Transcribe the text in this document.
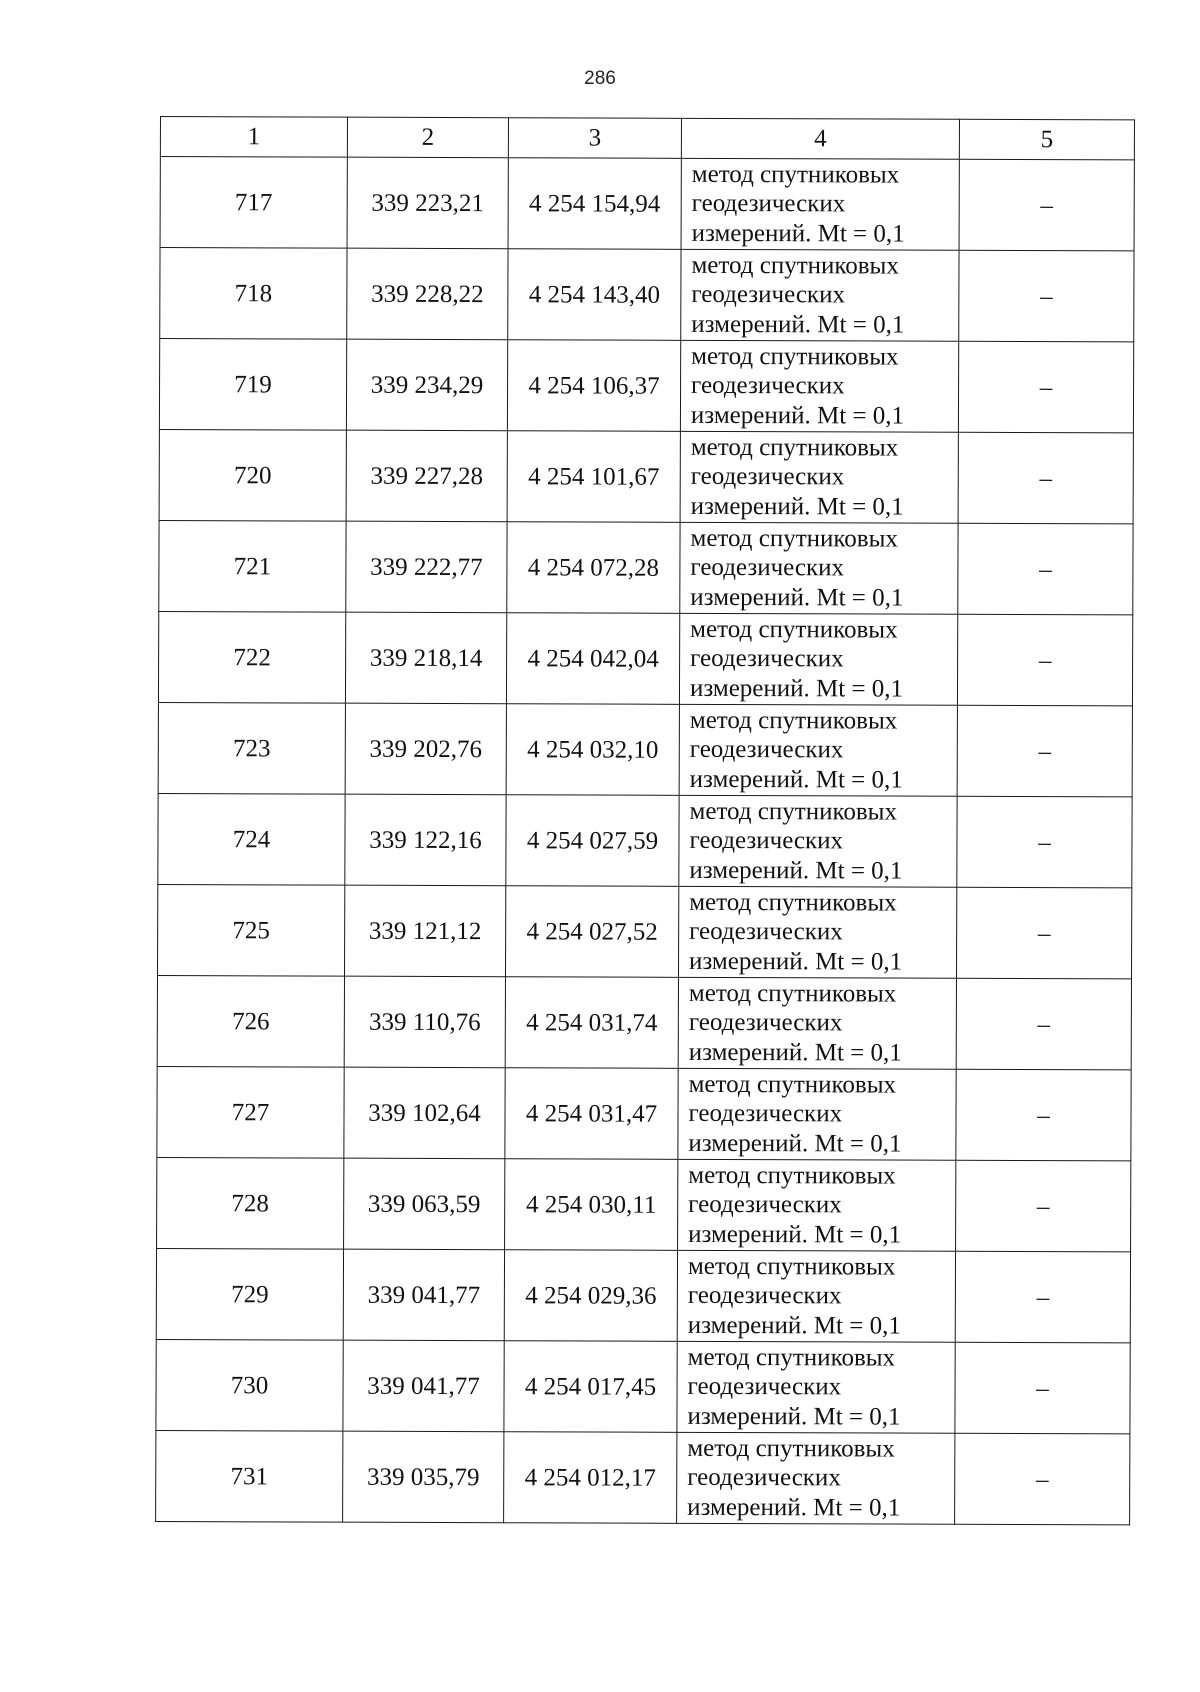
286
1	2	3	4	5
717	339 223,21	4 254 154,94	метод спутниковых
геодезических
измерений. Mt = 0,1	–
718	339 228,22	4 254 143,40	метод спутниковых
геодезических
измерений. Mt = 0,1	–
719	339 234,29	4 254 106,37	метод спутниковых
геодезических
измерений. Mt = 0,1	–
720	339 227,28	4 254 101,67	метод спутниковых
геодезических
измерений. Mt = 0,1	–
721	339 222,77	4 254 072,28	метод спутниковых
геодезических
измерений. Mt = 0,1	–
722	339 218,14	4 254 042,04	метод спутниковых
геодезических
измерений. Mt = 0,1	–
723	339 202,76	4 254 032,10	метод спутниковых
геодезических
измерений. Mt = 0,1	–
724	339 122,16	4 254 027,59	метод спутниковых
геодезических
измерений. Mt = 0,1	–
725	339 121,12	4 254 027,52	метод спутниковых
геодезических
измерений. Mt = 0,1	–
726	339 110,76	4 254 031,74	метод спутниковых
геодезических
измерений. Mt = 0,1	–
727	339 102,64	4 254 031,47	метод спутниковых
геодезических
измерений. Mt = 0,1	–
728	339 063,59	4 254 030,11	метод спутниковых
геодезических
измерений. Mt = 0,1	–
729	339 041,77	4 254 029,36	метод спутниковых
геодезических
измерений. Mt = 0,1	–
730	339 041,77	4 254 017,45	метод спутниковых
геодезических
измерений. Mt = 0,1	–
731	339 035,79	4 254 012,17	метод спутниковых
геодезических
измерений. Mt = 0,1	–
